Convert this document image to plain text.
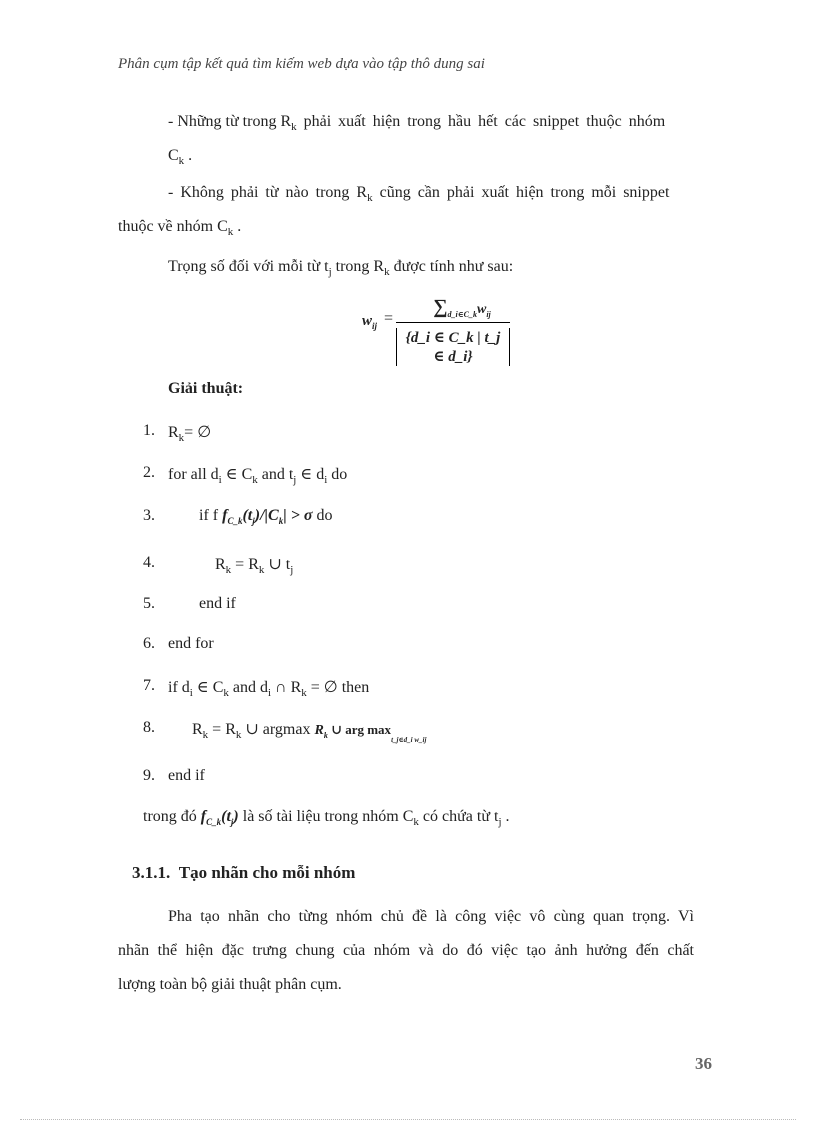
Phân cụm tập kết quả tìm kiếm web dựa vào tập thô dung sai
- Những từ trong $R_k$ phải xuất hiện trong hầu hết các snippet thuộc nhóm
$C_k$ .
- Không phải từ nào trong $R_k$ cũng cần phải xuất hiện trong mỗi snippet
thuộc về nhóm $C_k$ .
Trọng số đối với mỗi từ $t_j$ trong $R_k$ được tính như sau:
$w_{ij}$ =
$\sum_{d\_i\in C\_k}w_{ij}$
{d_i ∈ C_k | t_j ∈ d_i}
Giải thuật:
1. $R_k=$ ∅
2. for all $d_i$ ∈ $C_k$ and $t_j$ ∈ $d_i$ do
3.	if f $f_{C\_k}(t_j)/|C_k| > \sigma$ do
4.	$R_k = R_k$ ∪ $t_j$
5.	end if
6. end for
7. if $d_i$ ∈ $C_k$ and $d_i$ ∩ $R_k$ = ∅ then
8. $R_k = R_k$ ∪ argmax $R_k$ ∪ arg $\max_{t\_j\in d\_i w\_ij}$
9. end if
trong đó $f_{C\_k}(t_j)$ là số tài liệu trong nhóm $C_k$ có chứa từ $t_j$ .
3.1.1. Tạo nhãn cho mỗi nhóm
Pha tạo nhãn cho từng nhóm chủ đề là công việc vô cùng quan trọng. Vì
nhãn thể hiện đặc trưng chung của nhóm và do đó việc tạo ảnh hưởng đến chất
lượng toàn bộ giải thuật phân cụm.
36
